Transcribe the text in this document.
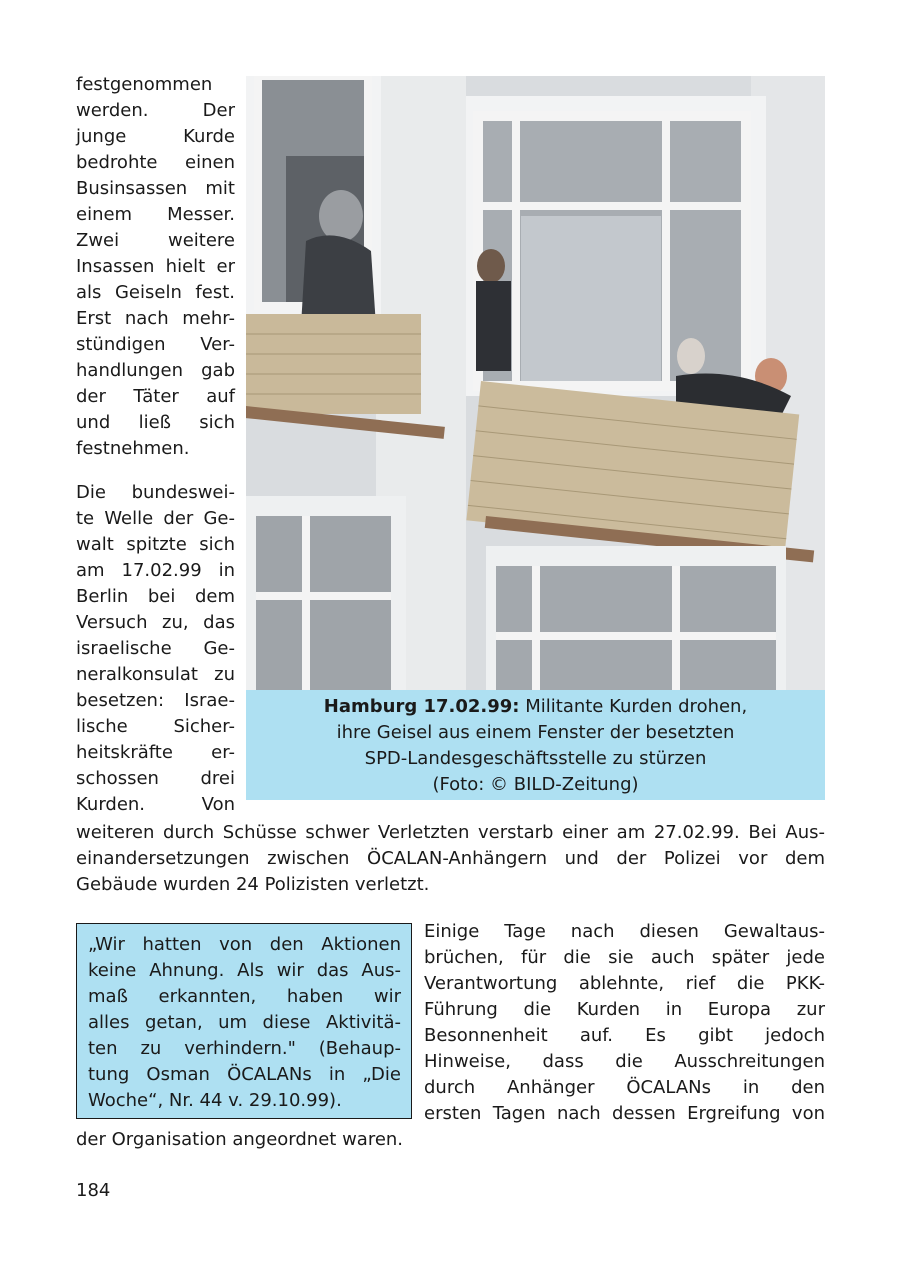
festgenommen
werden. Der
junge Kurde
bedrohte einen
Businsassen mit
einem Messer.
Zwei weitere
Insassen hielt er
als Geiseln fest.
Erst nach mehr-
stündigen Ver-
handlungen gab
der Täter auf
und ließ sich
festnehmen.

Die bundeswei-
te Welle der Ge-
walt spitzte sich
am 17.02.99 in
Berlin bei dem
Versuch zu, das
israelische Ge-
neralkonsulat zu
besetzen: Israe-
lische Sicher-
heitskräfte er-
schossen drei
Kurden. Von

Hamburg 17.02.99: Militante Kurden drohen,
ihre Geisel aus einem Fenster der besetzten
SPD-Landesgeschäftsstelle zu stürzen
(Foto: © BILD-Zeitung)
weiteren durch Schüsse schwer Verletzten verstarb einer am 27.02.99. Bei Aus-
einandersetzungen zwischen ÖCALAN-Anhängern und der Polizei vor dem
Gebäude wurden 24 Polizisten verletzt.
„Wir hatten von den Aktionen
keine Ahnung. Als wir das Aus-
maß erkannten, haben wir
alles getan, um diese Aktivitä-
ten zu verhindern." (Behaup-
tung Osman ÖCALANs in „Die
Woche“, Nr. 44 v. 29.10.99).
Einige Tage nach diesen Gewaltaus-
brüchen, für die sie auch später jede
Verantwortung ablehnte, rief die PKK-
Führung die Kurden in Europa zur
Besonnenheit auf. Es gibt jedoch
Hinweise, dass die Ausschreitungen
durch Anhänger ÖCALANs in den
ersten Tagen nach dessen Ergreifung von
der Organisation angeordnet waren.
184
